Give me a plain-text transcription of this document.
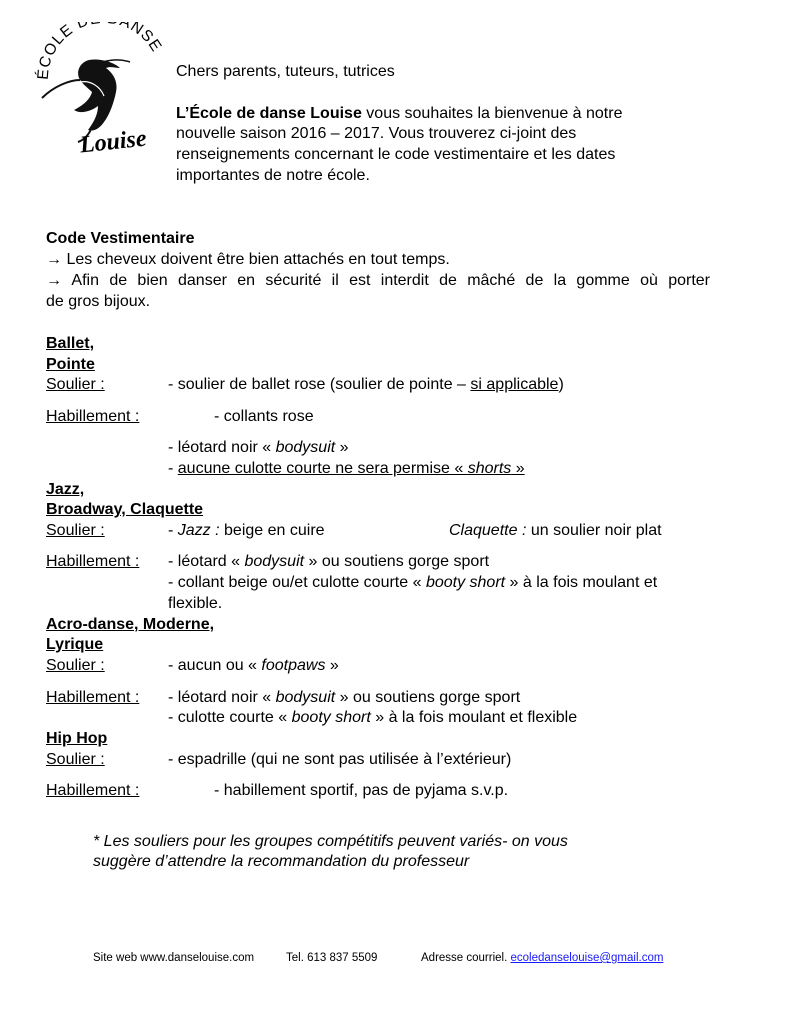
ÉCOLE D ANSE
Louise
Chers parents, tuteurs, tutrices
L’École de danse Louise vous souhaites la bienvenue à notre
nouvelle saison 2016 – 2017. Vous trouverez ci-joint des
renseignements concernant le code vestimentaire et les dates
importantes de notre école.
Code Vestimentaire
→ Les cheveux doivent être bien attachés en tout temps.
→ Afin de bien danser en sécurité il est interdit de mâché de la gomme où porter
de gros bijoux.
Ballet,
Pointe
Soulier :	- soulier de ballet rose (soulier de pointe – si applicable)
Habillement :	- collants rose
- léotard noir « bodysuit »
- aucune culotte courte ne sera permise « shorts »
Jazz,
Broadway, Claquette
Soulier :	- Jazz : beige en cuire	Claquette : un soulier noir plat
Habillement : - léotard « bodysuit » ou soutiens gorge sport
- collant beige ou/et culotte courte « booty short » à la fois moulant et
flexible.
Acro-danse, Moderne,
Lyrique
Soulier :	- aucun ou « footpaws »
Habillement : - léotard noir « bodysuit » ou soutiens gorge sport
- culotte courte « booty short » à la fois moulant et flexible
Hip Hop
Soulier :	- espadrille (qui ne sont pas utilisée à l’extérieur)
Habillement :	- habillement sportif, pas de pyjama s.v.p.
* Les souliers pour les groupes compétitifs peuvent variés- on vous
suggère d’attendre la recommandation du professeur
Site web www.danselouise.com	Tel. 613 837 5509	Adresse courriel. ecoledanselouise@gmail.com
